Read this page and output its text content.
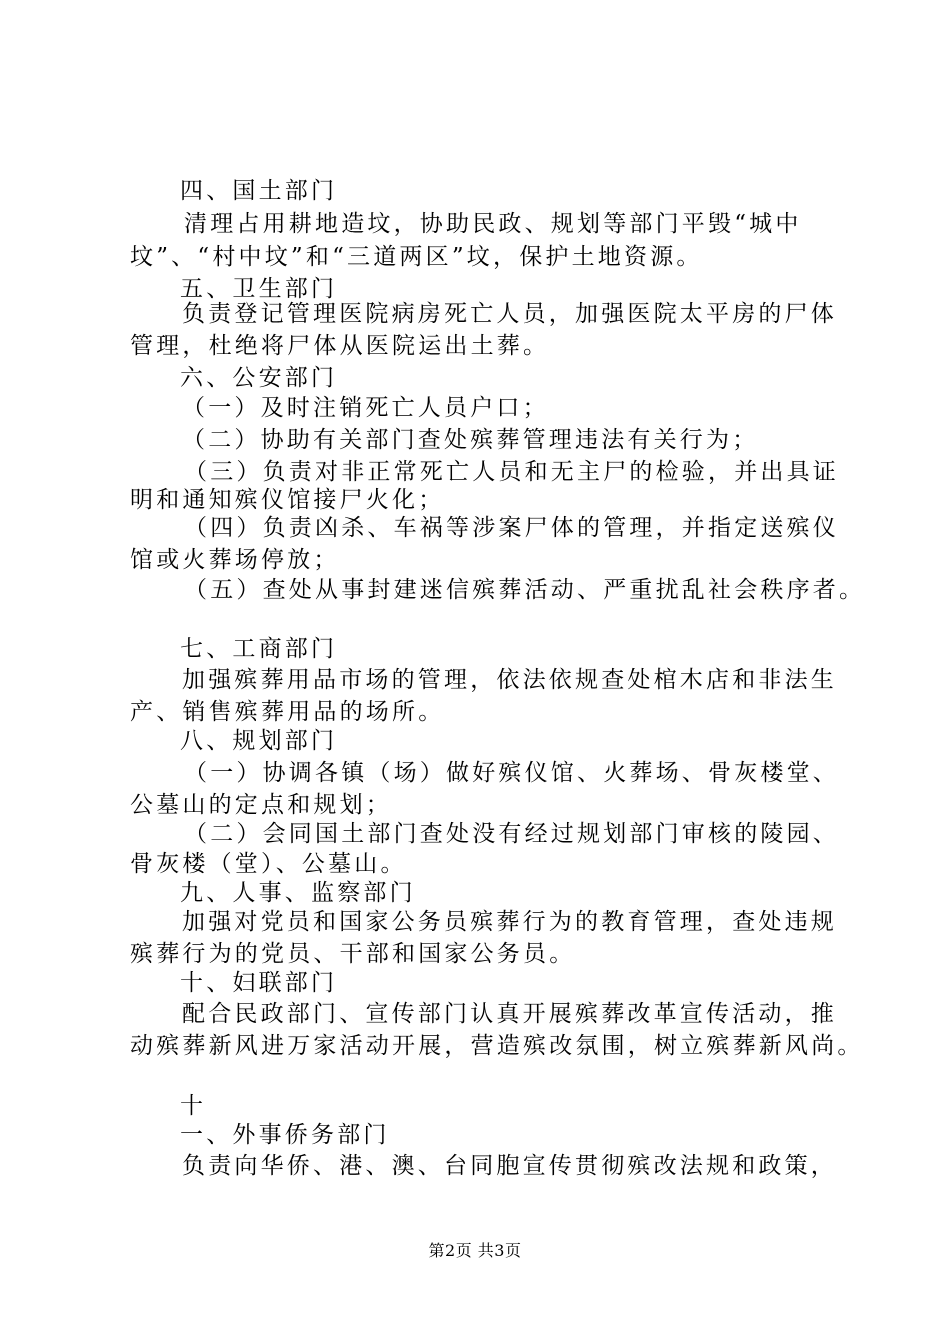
四、国土部门
清理占用耕地造坟，协助民政、规划等部门平毁“城中
坟”、“村中坟”和“三道两区”坟，保护土地资源。
五、卫生部门
负责登记管理医院病房死亡人员，加强医院太平房的尸体
管理，杜绝将尸体从医院运出土葬。
六、公安部门
（一）及时注销死亡人员户口；
（二）协助有关部门查处殡葬管理违法有关行为；
（三）负责对非正常死亡人员和无主尸的检验，并出具证
明和通知殡仪馆接尸火化；
（四）负责凶杀、车祸等涉案尸体的管理，并指定送殡仪
馆或火葬场停放；
（五）查处从事封建迷信殡葬活动、严重扰乱社会秩序者。
七、工商部门
加强殡葬用品市场的管理，依法依规查处棺木店和非法生
产、销售殡葬用品的场所。
八、规划部门
（一）协调各镇（场）做好殡仪馆、火葬场、骨灰楼堂、
公墓山的定点和规划；
（二）会同国土部门查处没有经过规划部门审核的陵园、
骨灰楼（堂）、公墓山。
九、人事、监察部门
加强对党员和国家公务员殡葬行为的教育管理，查处违规
殡葬行为的党员、干部和国家公务员。
十、妇联部门
配合民政部门、宣传部门认真开展殡葬改革宣传活动，推
动殡葬新风进万家活动开展，营造殡改氛围，树立殡葬新风尚。
十
一、外事侨务部门
负责向华侨、港、澳、台同胞宣传贯彻殡改法规和政策，
第2页 共3页
